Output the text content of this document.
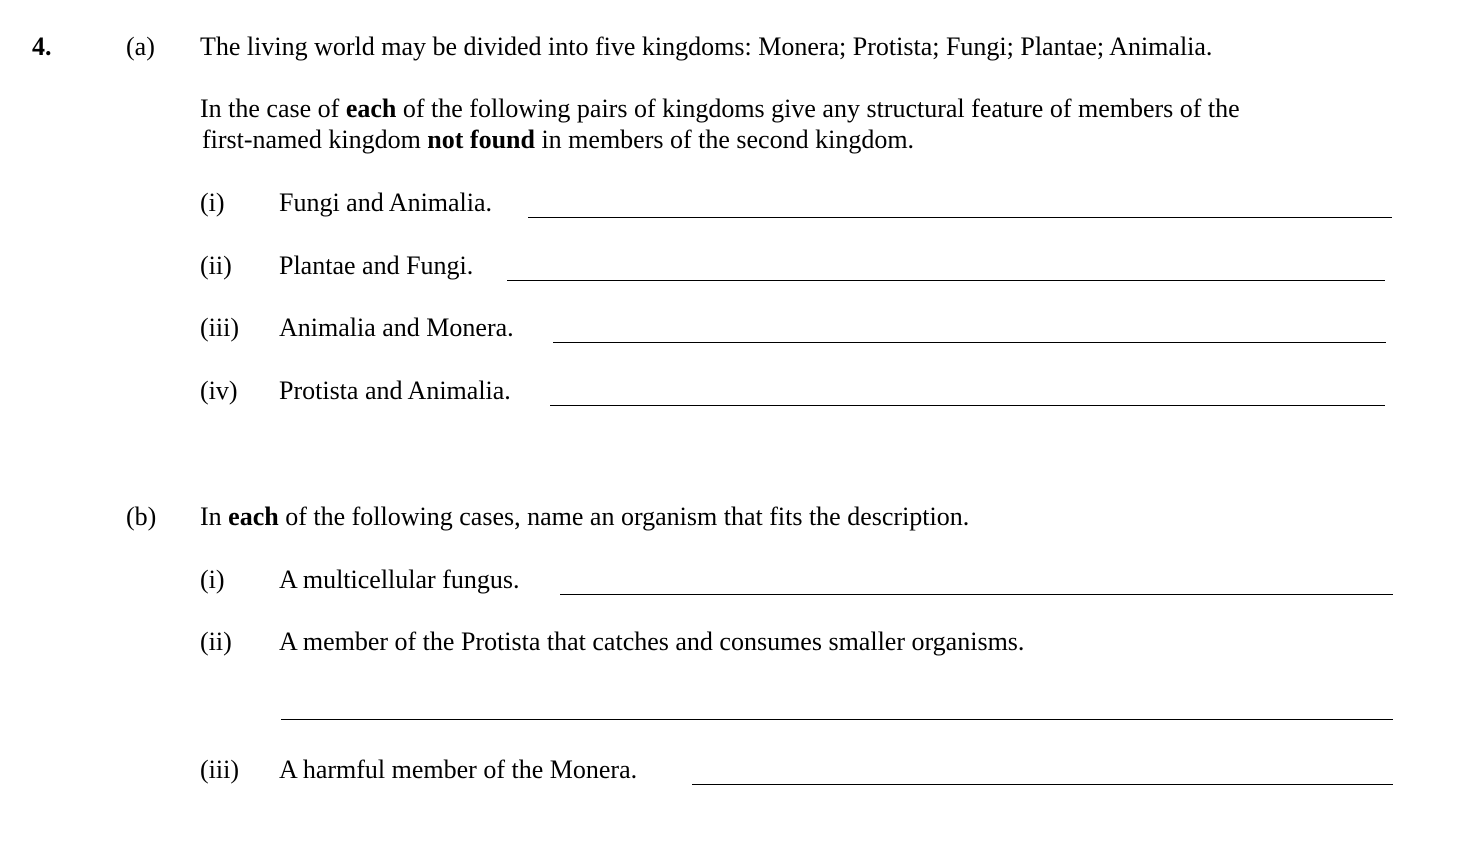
4.	(a) The living world may be divided into five kingdoms: Monera; Protista; Fungi; Plantae; Animalia.
In the case of each of the following pairs of kingdoms give any structural feature of members of the
first-named kingdom not found in members of the second kingdom.
(i) Fungi and Animalia.
(ii) Plantae and Fungi.
(iii) Animalia and Monera.
(iv) Protista and Animalia.
(b) In each of the following cases, name an organism that fits the description.
(i) A multicellular fungus.
(ii) A member of the Protista that catches and consumes smaller organisms.
(iii) A harmful member of the Monera.
